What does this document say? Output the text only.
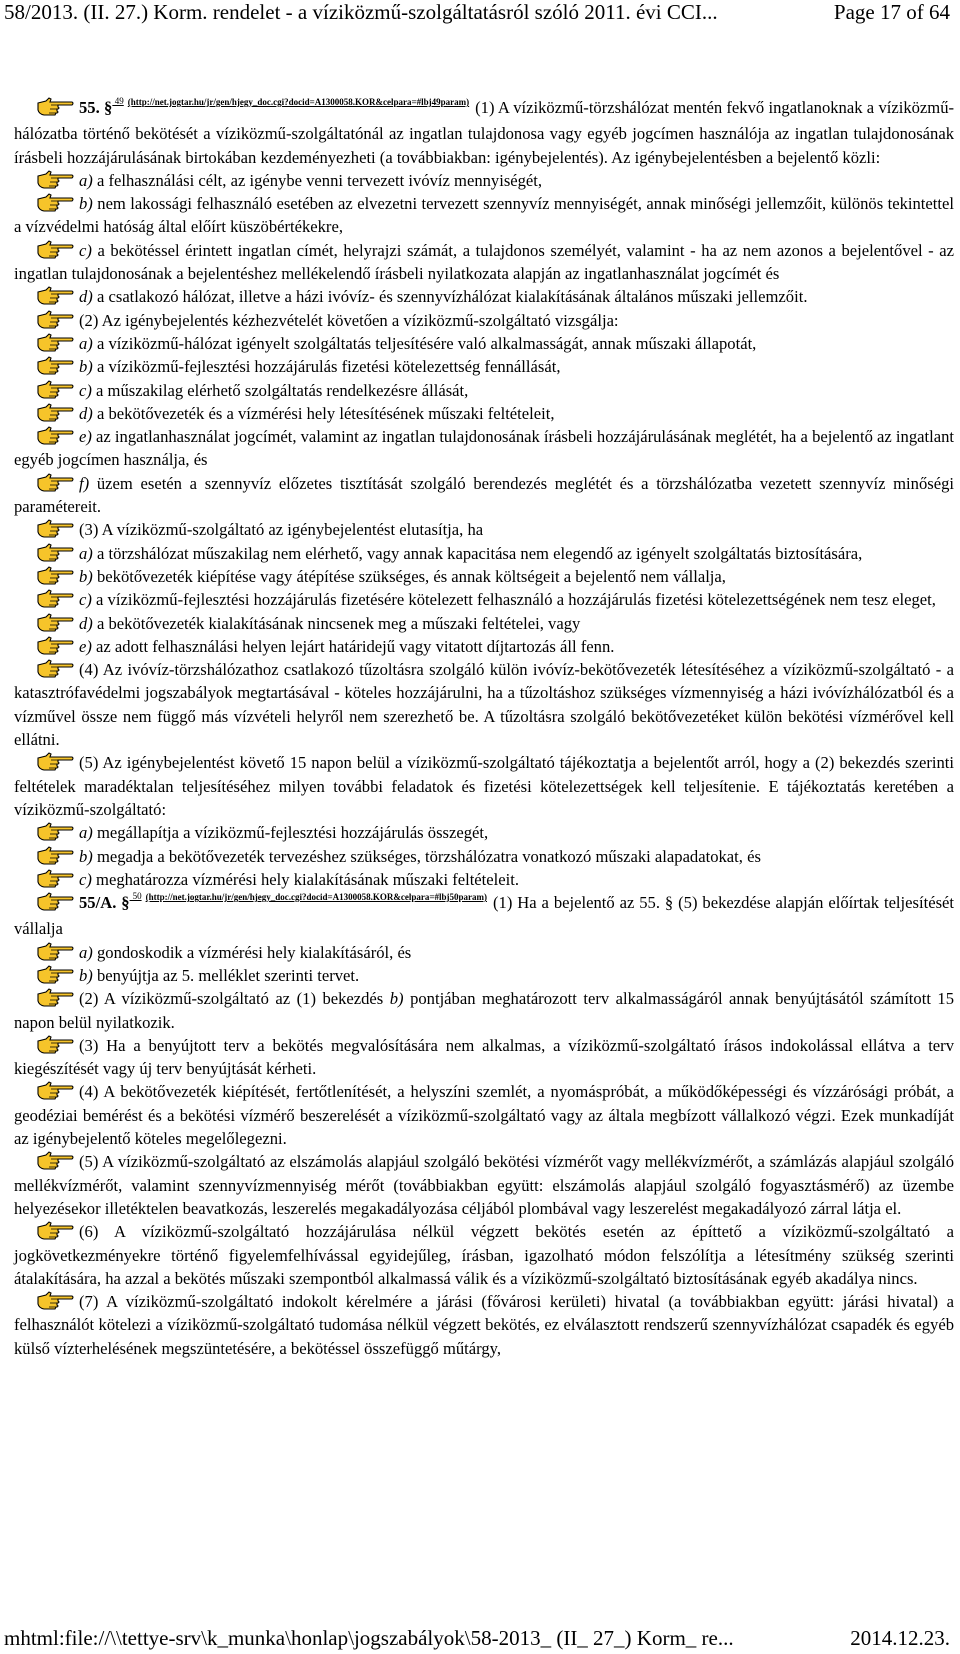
58/2013. (II. 27.) Korm. rendelet - a víziközmű-szolgáltatásról szóló 2011. évi CCI...	Page 17 of 64

55. § $^{49}$ $^{(http://net.jogtar.hu/jr/gen/hjegy\_doc.cgi?docid=A1300058.KOR\&celpara=\#lbj49param)}$ (1) A víziközmű-törzshálózat mentén fekvő ingatlanoknak a víziközmű-hálózatba történő bekötését a víziközmű-szolgáltatónál az ingatlan tulajdonosa vagy egyéb jogcímen használója az ingatlan tulajdonosának írásbeli hozzájárulásának birtokában kezdeményezheti (a továbbiakban: igénybejelentés). Az igénybejelentésben a bejelentő közli:

a) a felhasználási célt, az igénybe venni tervezett ivóvíz mennyiségét,

b) nem lakossági felhasználó esetében az elvezetni tervezett szennyvíz mennyiségét, annak minőségi jellemzőit, különös tekintettel a vízvédelmi hatóság által előírt küszöbértékekre,

c) a bekötéssel érintett ingatlan címét, helyrajzi számát, a tulajdonos személyét, valamint - ha az nem azonos a bejelentővel - az ingatlan tulajdonosának a bejelentéshez mellékelendő írásbeli nyilatkozata alapján az ingatlanhasználat jogcímét és

d) a csatlakozó hálózat, illetve a házi ivóvíz- és szennyvízhálózat kialakításának általános műszaki jellemzőit.

(2) Az igénybejelentés kézhezvételét követően a víziközmű-szolgáltató vizsgálja:

a) a víziközmű-hálózat igényelt szolgáltatás teljesítésére való alkalmasságát, annak műszaki állapotát,

b) a víziközmű-fejlesztési hozzájárulás fizetési kötelezettség fennállását,

c) a műszakilag elérhető szolgáltatás rendelkezésre állását,

d) a bekötővezeték és a vízmérési hely létesítésének műszaki feltételeit,

e) az ingatlanhasználat jogcímét, valamint az ingatlan tulajdonosának írásbeli hozzájárulásának meglétét, ha a bejelentő az ingatlant egyéb jogcímen használja, és

f) üzem esetén a szennyvíz előzetes tisztítását szolgáló berendezés meglétét és a törzshálózatba vezetett szennyvíz minőségi paramétereit.

(3) A víziközmű-szolgáltató az igénybejelentést elutasítja, ha

a) a törzshálózat műszakilag nem elérhető, vagy annak kapacitása nem elegendő az igényelt szolgáltatás biztosítására,

b) bekötővezeték kiépítése vagy átépítése szükséges, és annak költségeit a bejelentő nem vállalja,

c) a víziközmű-fejlesztési hozzájárulás fizetésére kötelezett felhasználó a hozzájárulás fizetési kötelezettségének nem tesz eleget,

d) a bekötővezeték kialakításának nincsenek meg a műszaki feltételei, vagy

e) az adott felhasználási helyen lejárt határidejű vagy vitatott díjtartozás áll fenn.

(4) Az ivóvíz-törzshálózathoz csatlakozó tűzoltásra szolgáló külön ivóvíz-bekötővezeték létesítéséhez a víziközmű-szolgáltató - a katasztrófavédelmi jogszabályok megtartásával - köteles hozzájárulni, ha a tűzoltáshoz szükséges vízmennyiség a házi ivóvízhálózatból és a vízművel össze nem függő más vízvételi helyről nem szerezhető be. A tűzoltásra szolgáló bekötővezetéket külön bekötési vízmérővel kell ellátni.

(5) Az igénybejelentést követő 15 napon belül a víziközmű-szolgáltató tájékoztatja a bejelentőt arról, hogy a (2) bekezdés szerinti feltételek maradéktalan teljesítéséhez milyen további feladatok és fizetési kötelezettségek kell teljesítenie. E tájékoztatás keretében a víziközmű-szolgáltató:

a) megállapítja a víziközmű-fejlesztési hozzájárulás összegét,

b) megadja a bekötővezeték tervezéshez szükséges, törzshálózatra vonatkozó műszaki alapadatokat, és

c) meghatározza vízmérési hely kialakításának műszaki feltételeit.

55/A. § $^{50}$ $^{(http://net.jogtar.hu/jr/gen/hjegy\_doc.cgi?docid=A1300058.KOR\&celpara=\#lbj50param)}$ (1) Ha a bejelentő az 55. § (5) bekezdése alapján előírtak teljesítését vállalja

a) gondoskodik a vízmérési hely kialakításáról, és

b) benyújtja az 5. melléklet szerinti tervet.

(2) A víziközmű-szolgáltató az (1) bekezdés b) pontjában meghatározott terv alkalmasságáról annak benyújtásától számított 15 napon belül nyilatkozik.

(3) Ha a benyújtott terv a bekötés megvalósítására nem alkalmas, a víziközmű-szolgáltató írásos indokolással ellátva a terv kiegészítését vagy új terv benyújtását kérheti.

(4) A bekötővezeték kiépítését, fertőtlenítését, a helyszíni szemlét, a nyomáspróbát, a működőképességi és vízzárósági próbát, a geodéziai bemérést és a bekötési vízmérő beszerelését a víziközmű-szolgáltató vagy az általa megbízott vállalkozó végzi. Ezek munkadíját az igénybejelentő köteles megelőlegezni.

(5) A víziközmű-szolgáltató az elszámolás alapjául szolgáló bekötési vízmérőt vagy mellékvízmérőt, a számlázás alapjául szolgáló mellékvízmérőt, valamint szennyvízmennyiség mérőt (továbbiakban együtt: elszámolás alapjául szolgáló fogyasztásmérő) az üzembe helyezésekor illetéktelen beavatkozás, leszerelés megakadályozása céljából plombával vagy leszerelést megakadályozó zárral látja el.

(6) A víziközmű-szolgáltató hozzájárulása nélkül végzett bekötés esetén az építtető a víziközmű-szolgáltató a jogkövetkezményekre történő figyelemfelhívással egyidejűleg, írásban, igazolható módon felszólítja a létesítmény szükség szerinti átalakítására, ha azzal a bekötés műszaki szempontból alkalmassá válik és a víziközmű-szolgáltató biztosításának egyéb akadálya nincs.

(7) A víziközmű-szolgáltató indokolt kérelmére a járási (fővárosi kerületi) hivatal (a továbbiakban együtt: járási hivatal) a felhasználót kötelezi a víziközmű-szolgáltató tudomása nélkül végzett bekötés, ez elválasztott rendszerű szennyvízhálózat csapadék és egyéb külső vízterhelésének megszüntetésére, a bekötéssel összefüggő műtárgy,

mhtml:file://\\tettye-srv\k_munka\honlap\jogszabályok\58-2013_ (II_ 27_) Korm_ re...	2014.12.23.
